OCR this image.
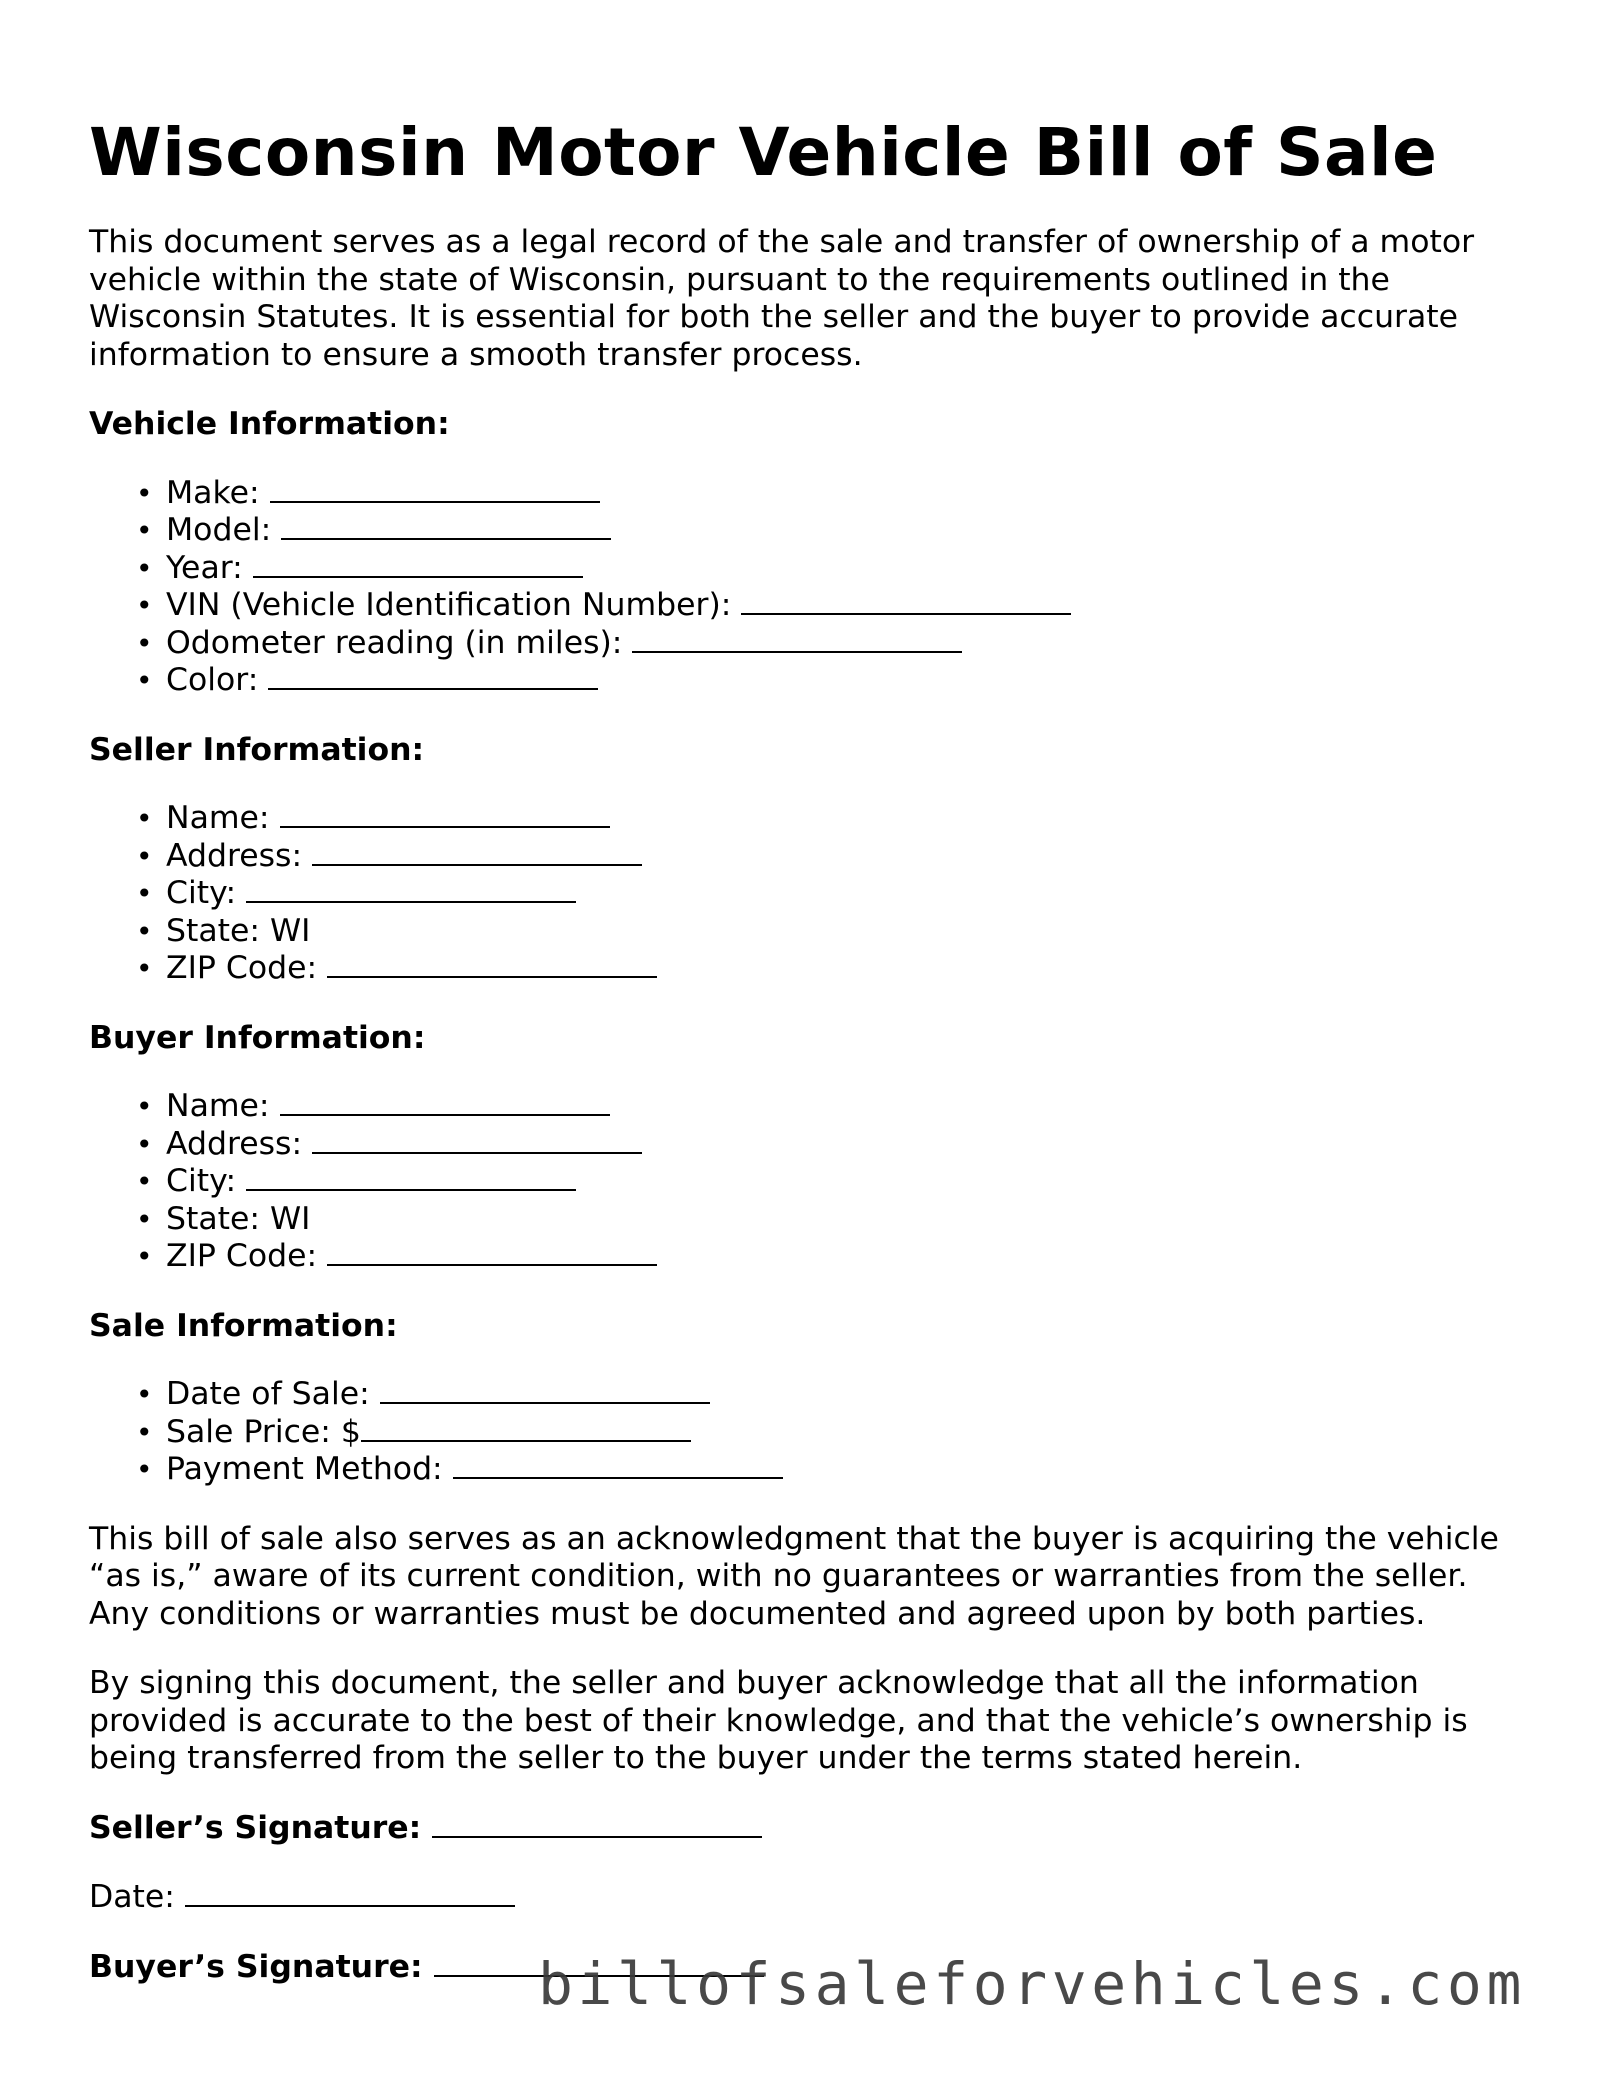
Wisconsin Motor Vehicle Bill of Sale

This document serves as a legal record of the sale and transfer of ownership of a motor vehicle within the state of Wisconsin, pursuant to the requirements outlined in the Wisconsin Statutes. It is essential for both the seller and the buyer to provide accurate information to ensure a smooth transfer process.

Vehicle Information:

• Make:
• Model:
• Year:
• VIN (Vehicle Identification Number):
• Odometer reading (in miles):
• Color:

Seller Information:

• Name:
• Address:
• City:
• State: WI
• ZIP Code:

Buyer Information:

• Name:
• Address:
• City:
• State: WI
• ZIP Code:

Sale Information:

• Date of Sale:
• Sale Price: $
• Payment Method:

This bill of sale also serves as an acknowledgment that the buyer is acquiring the vehicle “as is,” aware of its current condition, with no guarantees or warranties from the seller. Any conditions or warranties must be documented and agreed upon by both parties.

By signing this document, the seller and buyer acknowledge that all the information provided is accurate to the best of their knowledge, and that the vehicle’s ownership is being transferred from the seller to the buyer under the terms stated herein.

Seller’s Signature:

Date:

Buyer’s Signature:	billofsaleforvehicles.com
